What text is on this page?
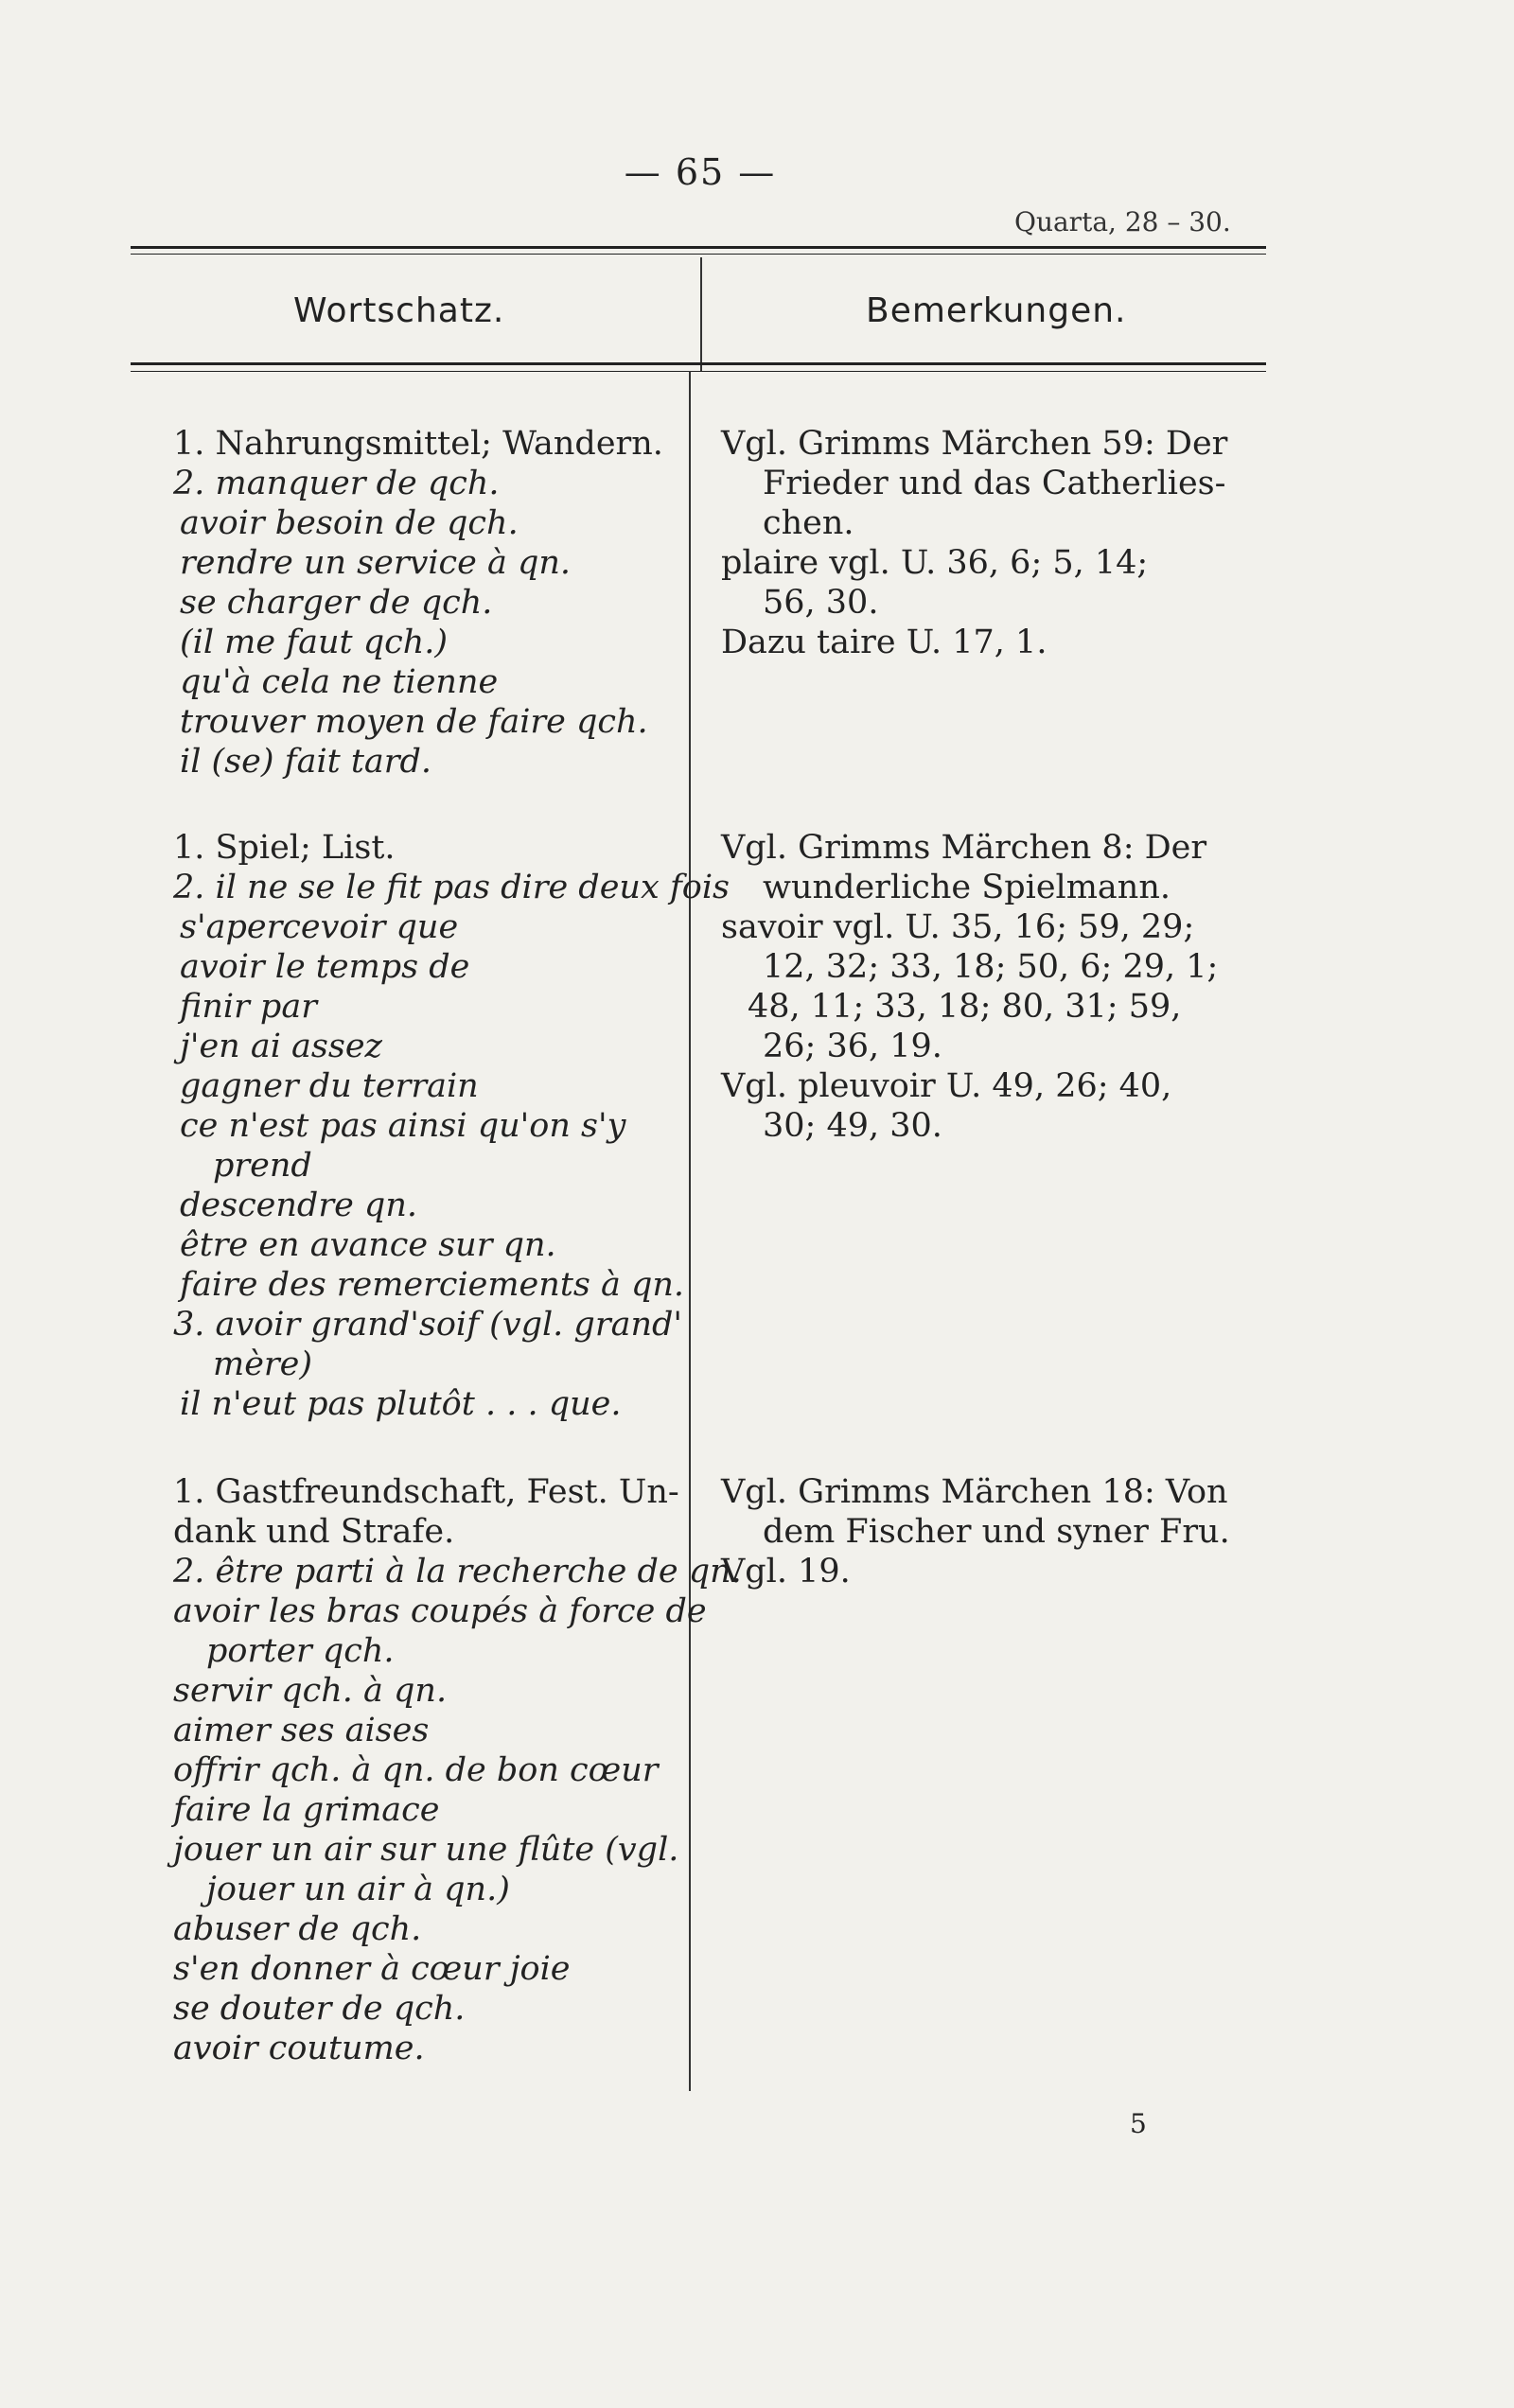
— 65 —
Quarta, 28 – 30.
Wortschatz.	Bemerkungen.
1. Nahrungsmittel; Wandern.
2. manquer de qch.
avoir besoin de qch.
rendre un service à qn.
se charger de qch.
(il me faut qch.)
qu'à cela ne tienne
trouver moyen de faire qch.
il (se) fait tard.
1. Spiel; List.
2. il ne se le fit pas dire deux fois
s'apercevoir que
avoir le temps de
finir par
j'en ai assez
gagner du terrain
ce n'est pas ainsi qu'on s'y
prend
descendre qn.
être en avance sur qn.
faire des remerciements à qn.
3. avoir grand'soif (vgl. grand'
mère)
il n'eut pas plutôt . . . que.
1. Gastfreundschaft, Fest. Un-
dank und Strafe.
2. être parti à la recherche de qn.
avoir les bras coupés à force de
porter qch.
servir qch. à qn.
aimer ses aises
offrir qch. à qn. de bon cœur
faire la grimace
jouer un air sur une flûte (vgl.
jouer un air à qn.)
abuser de qch.
s'en donner à cœur joie
se douter de qch.
avoir coutume.
Vgl. Grimms Märchen 59: Der
Frieder und das Catherlies-
chen.
plaire vgl. U. 36, 6; 5, 14;
56, 30.
Dazu taire U. 17, 1.
Vgl. Grimms Märchen 8: Der
wunderliche Spielmann.
savoir vgl. U. 35, 16; 59, 29;
12, 32; 33, 18; 50, 6; 29, 1;
48, 11; 33, 18; 80, 31; 59,
26; 36, 19.
Vgl. pleuvoir U. 49, 26; 40,
30; 49, 30.
Vgl. Grimms Märchen 18: Von
dem Fischer und syner Fru.
Vgl. 19.
5
